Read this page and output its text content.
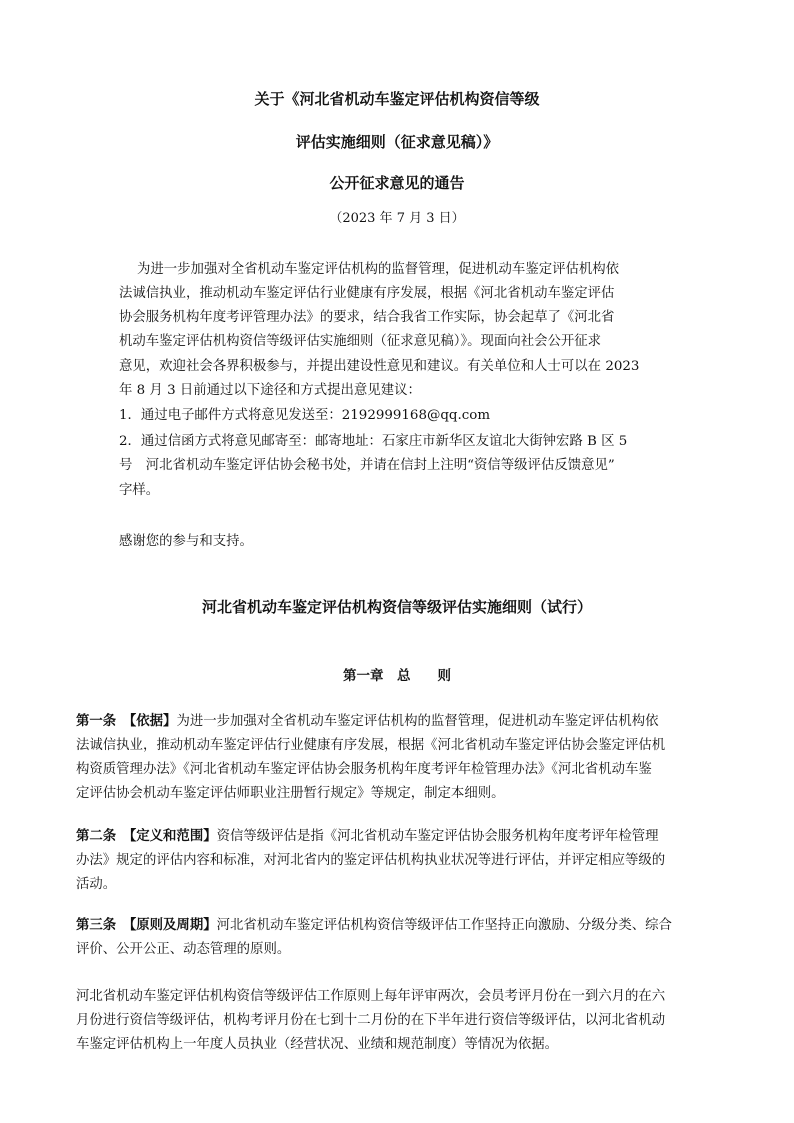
关于《河北省机动车鉴定评估机构资信等级

评估实施细则（征求意见稿）》

公开征求意见的通告

（2023 年 7 月 3 日）

为进一步加强对全省机动车鉴定评估机构的监督管理，促进机动车鉴定评估机构依

法诚信执业，推动机动车鉴定评估行业健康有序发展，根据《河北省机动车鉴定评估

协会服务机构年度考评管理办法》的要求，结合我省工作实际，协会起草了《河北省

机动车鉴定评估机构资信等级评估实施细则（征求意见稿）》。现面向社会公开征求

意见，欢迎社会各界积极参与，并提出建设性意见和建议。有关单位和人士可以在 2023

年 8 月 3 日前通过以下途径和方式提出意见建议：

1．通过电子邮件方式将意见发送至：2192999168@qq.com

2．通过信函方式将意见邮寄至：邮寄地址：石家庄市新华区友谊北大街钟宏路 B 区 5

号　河北省机动车鉴定评估协会秘书处，并请在信封上注明“资信等级评估反馈意见”

字样。

感谢您的参与和支持。

河北省机动车鉴定评估机构资信等级评估实施细则（试行）

第一章　总　　则

第一条　【依据】为进一步加强对全省机动车鉴定评估机构的监督管理，促进机动车鉴定评估机构依

法诚信执业，推动机动车鉴定评估行业健康有序发展，根据《河北省机动车鉴定评估协会鉴定评估机

构资质管理办法》《河北省机动车鉴定评估协会服务机构年度考评年检管理办法》《河北省机动车鉴

定评估协会机动车鉴定评估师职业注册暂行规定》等规定，制定本细则。

第二条　【定义和范围】资信等级评估是指《河北省机动车鉴定评估协会服务机构年度考评年检管理

办法》规定的评估内容和标准，对河北省内的鉴定评估机构执业状况等进行评估，并评定相应等级的

活动。

第三条　【原则及周期】河北省机动车鉴定评估机构资信等级评估工作坚持正向激励、分级分类、综合

评价、公开公正、动态管理的原则。

河北省机动车鉴定评估机构资信等级评估工作原则上每年评审两次，会员考评月份在一到六月的在六

月份进行资信等级评估，机构考评月份在七到十二月份的在下半年进行资信等级评估，以河北省机动

车鉴定评估机构上一年度人员执业（经营状况、业绩和规范制度）等情况为依据。
